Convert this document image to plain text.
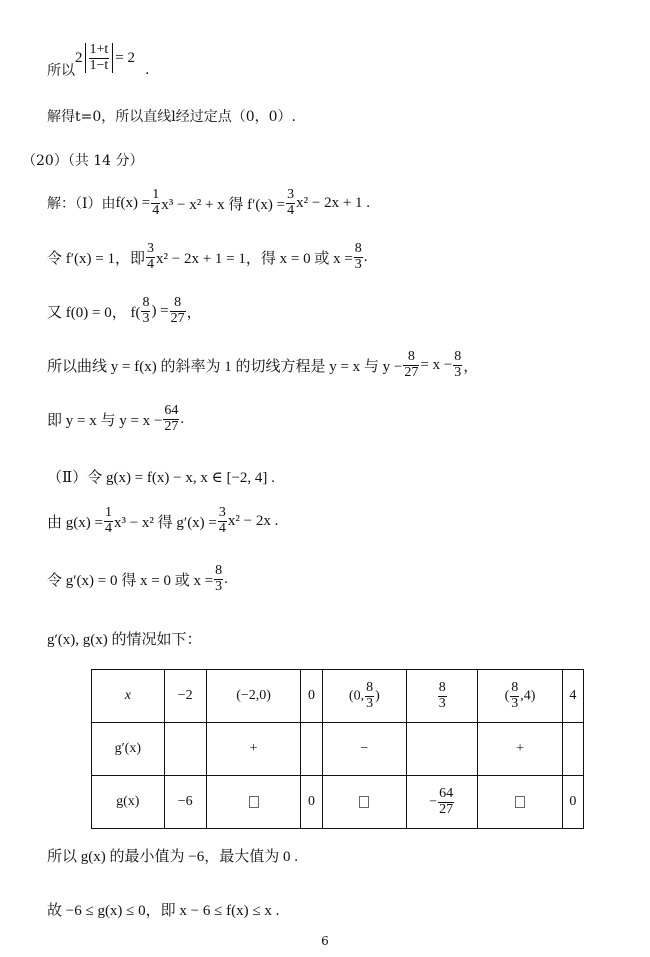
所以
$2 \frac{1+t}{1-t} = 2$
.
解得t=0，所以直线l经过定点（0，0）.
（20）（共 14 分）
解：（Ⅰ）由 $f(x) = \frac{1}{4} x^3 - x^2 + x$ 得 $f'(x) = \frac{3}{4} x^2 - 2x + 1$ .
令 f′(x) = 1，即 $\frac{3}{4} x^2 - 2x + 1 = 1$，得 x = 0 或 $x = \frac{8}{3}$ .
又 f(0) = 0， $f( \frac{8}{3}$ ) = $\frac{8}{27}$ ，
所以曲线 y = f(x) 的斜率为 1 的切线方程是 y = x 与 $y - \frac{8}{27} = x - \frac{8}{3}$ ，
即 y = x 与 $y = x - \frac{64}{27}$ .
（Ⅱ）令 g(x) = f(x) − x, x ∈ [−2, 4] .
由 $g(x) = \frac{1}{4} x^3 - x^2$ 得 $g'(x) = \frac{3}{4} x^2 - 2x$ .
令 g′(x) = 0 得 x = 0 或 $x = \frac{8}{3}$ .
g′(x), g(x) 的情况如下：
x	−2	(−2,0)	0	(0, $\frac{8}{3}$ )	$\frac{8}{3}$	( $\frac{8}{3} ,4$)	4
g′(x)		+		−		+	
g(x)	−6		0		− $\frac{64}{27}$		0
所以 g(x) 的最小值为 −6，最大值为 0 .
故 −6 ≤ g(x) ≤ 0，即 x − 6 ≤ f(x) ≤ x .
6
